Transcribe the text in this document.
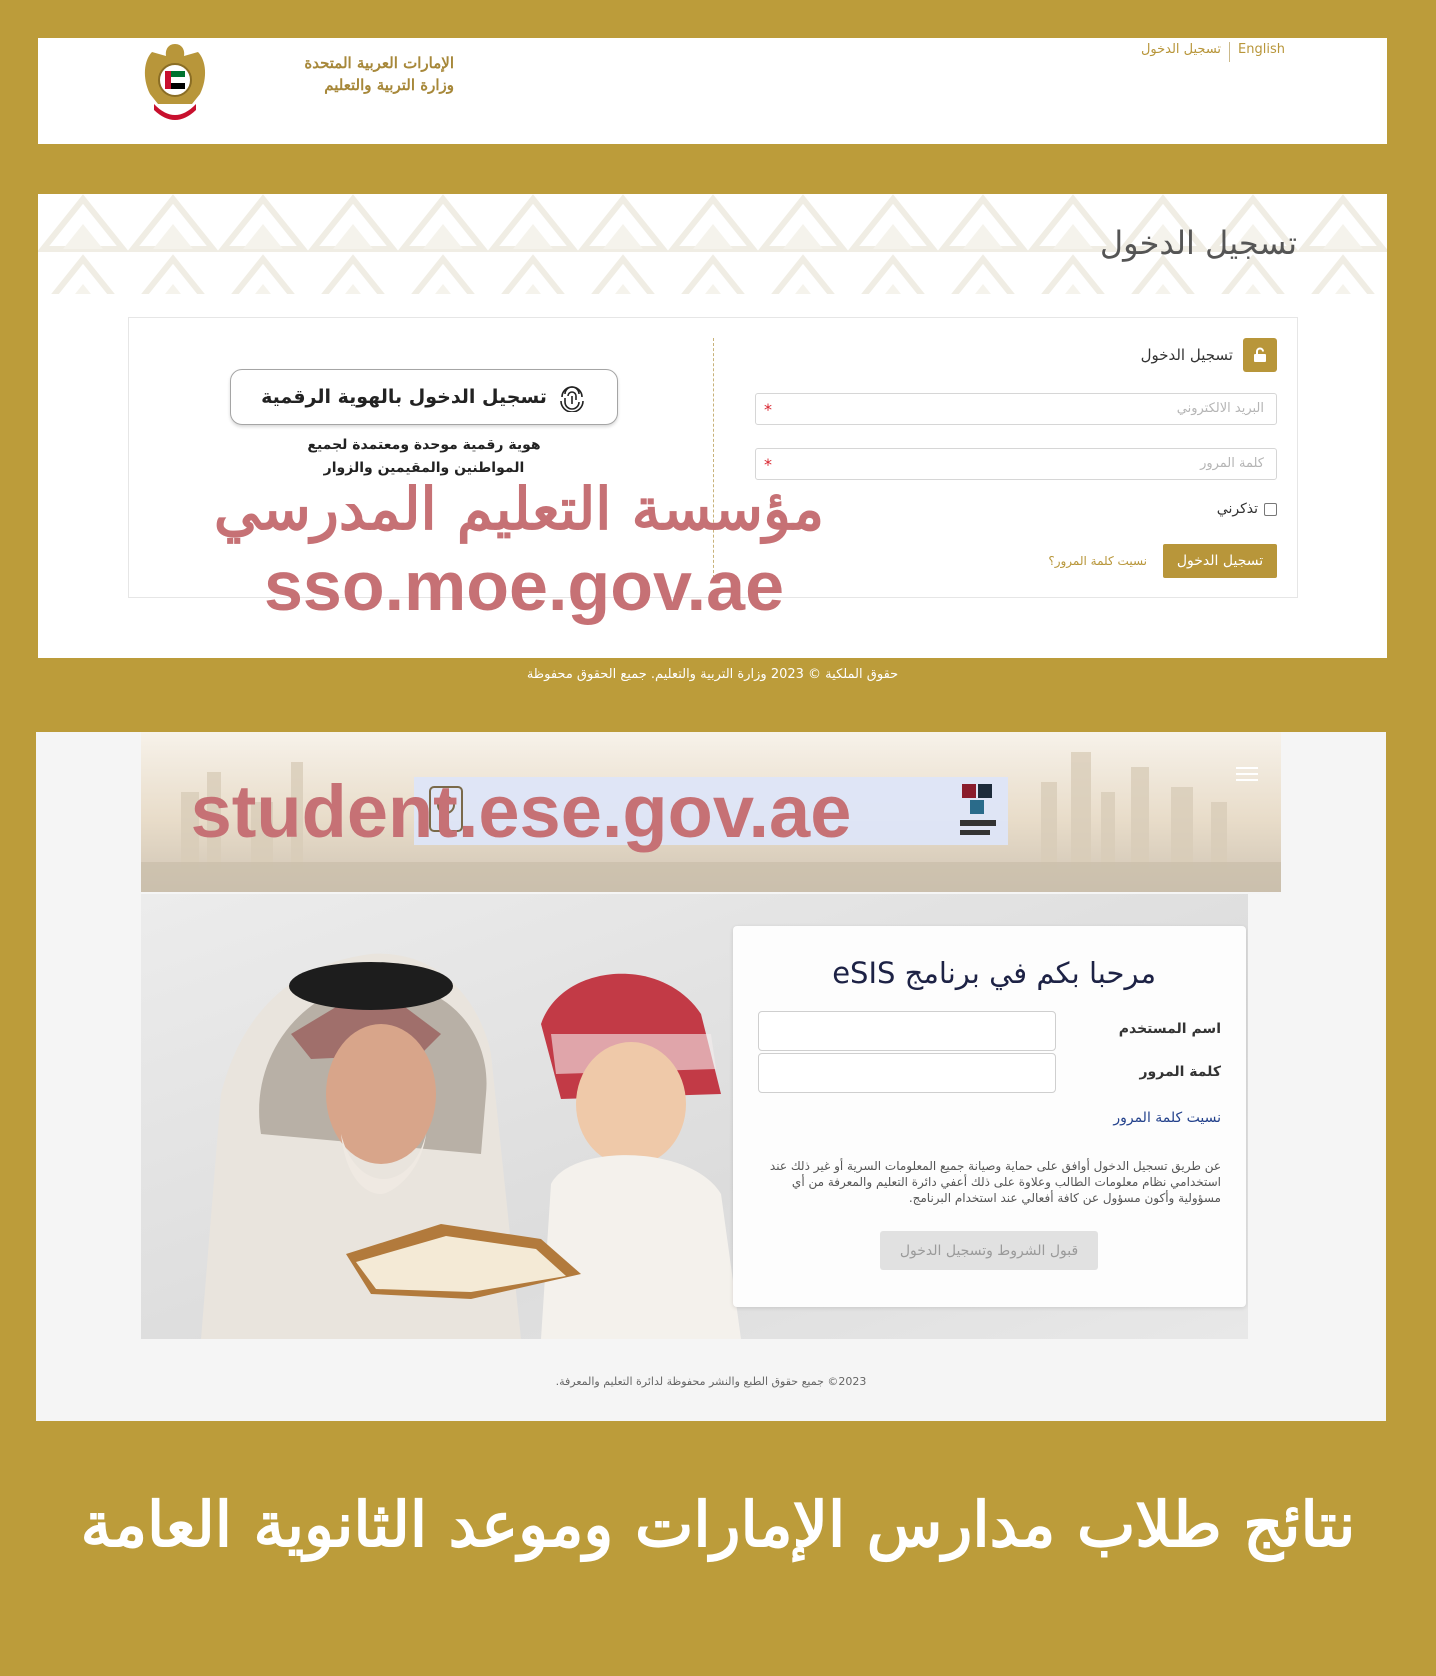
الإمارات العربية المتحدة
وزارة التربية والتعليم
تسجيل الدخول	English
تسجيل الدخول
تسجيل الدخول
البريد الالكتروني
*
كلمة المرور
*
تذكرني
تسجيل الدخول
نسيت كلمة المرور؟
تسجيل الدخول بالهوية الرقمية
هوية رقمية موحدة ومعتمدة لجميع
المواطنين والمقيمين والزوار
مؤسسة التعليم المدرسي
sso.moe.gov.ae
حقوق الملكية © 2023 وزارة التربية والتعليم. جميع الحقوق محفوظة
student.ese.gov.ae
مرحبا بكم في برنامج eSIS
اسم المستخدم
كلمة المرور
نسيت كلمة المرور
عن طريق تسجيل الدخول أوافق على حماية وصيانة جميع المعلومات السرية أو غير ذلك عند استخدامي نظام معلومات الطالب وعلاوة على ذلك أعفي دائرة التعليم والمعرفة من أي مسؤولية وأكون مسؤول عن كافة أفعالي عند استخدام البرنامج.
قبول الشروط وتسجيل الدخول
2023© جميع حقوق الطبع والنشر محفوظة لدائرة التعليم والمعرفة.
نتائج طلاب مدارس الإمارات وموعد الثانوية العامة
